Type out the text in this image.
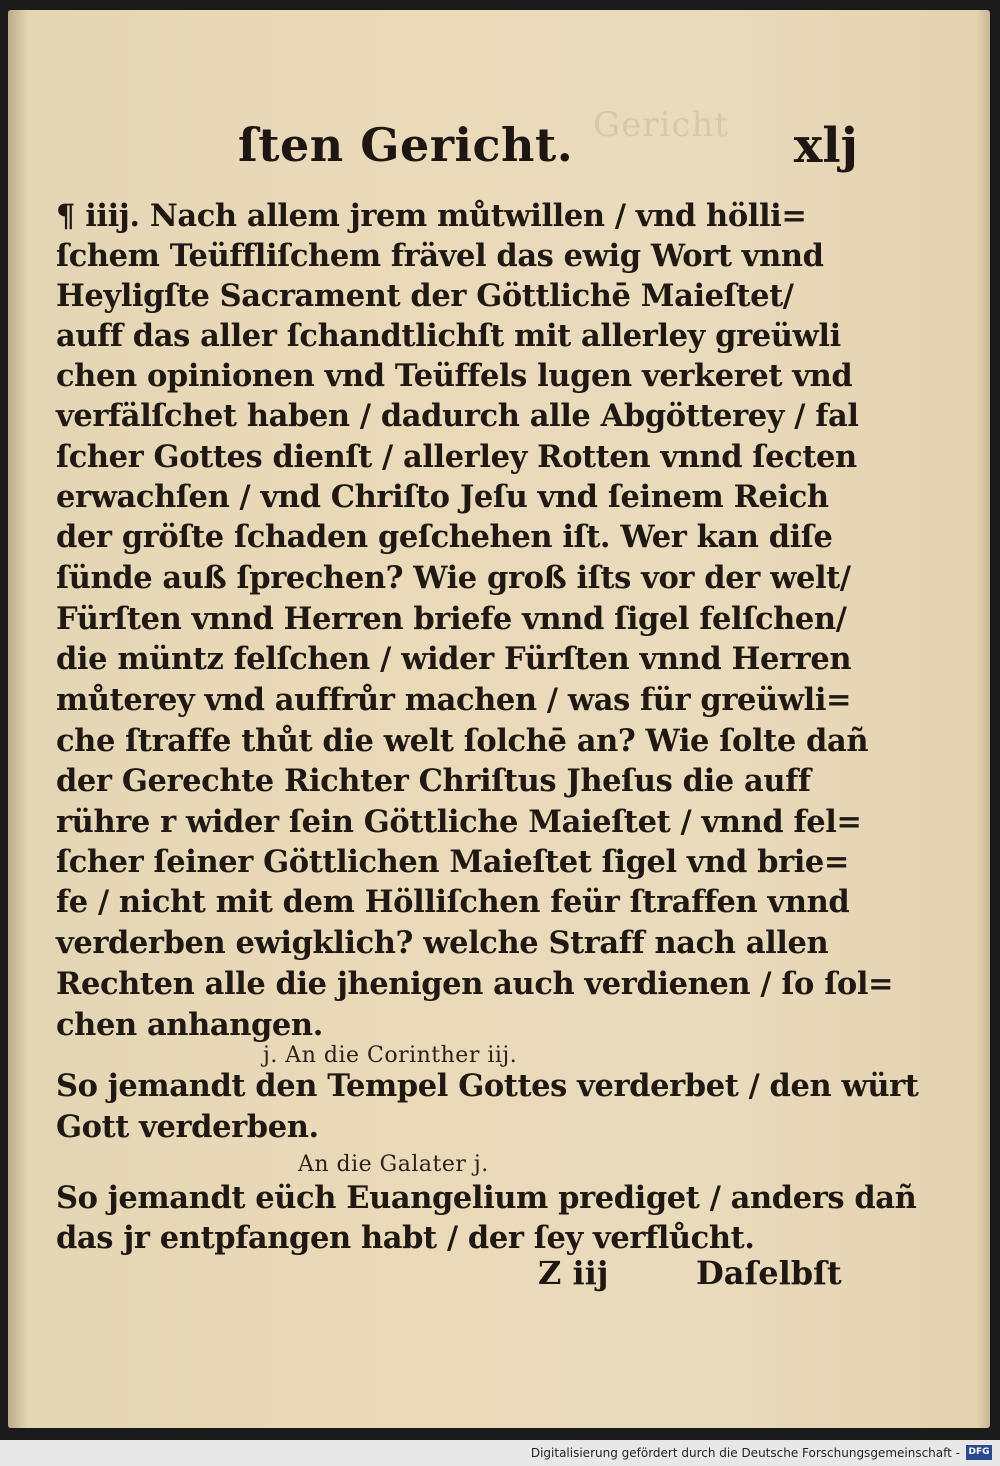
Gericht
ſten Gericht.	xlj
¶ iiij. Nach allem jrem můtwillen / vnd hölli=
ſchem Teüffliſchem frävel das ewig Wort vnnd
Heyligſte Sacrament der Göttlichē Maieſtet/
auff das aller ſchandtlichſt mit allerley greüwli
chen opinionen vnd Teüffels lugen verkeret vnd
verfälſchet haben / dadurch alle Abgötterey / fal
ſcher Gottes dienſt / allerley Rotten vnnd ſecten
erwachſen / vnd Chriſto Jeſu vnd ſeinem Reich
der gröſte ſchaden geſchehen iſt. Wer kan diſe
ſünde auß ſprechen? Wie groß iſts vor der welt/
Fürſten vnnd Herren briefe vnnd ſigel felſchen/
die müntz felſchen / wider Fürſten vnnd Herren
můterey vnd auffrůr machen / was für greüwli=
che ſtraffe thůt die welt ſolchē an? Wie ſolte dañ
der Gerechte Richter Chriſtus Jheſus die auff
rühre r wider ſein Göttliche Maieſtet / vnnd fel=
ſcher ſeiner Göttlichen Maieſtet ſigel vnd brie=
fe / nicht mit dem Hölliſchen feür ſtraffen vnnd
verderben ewigklich? welche Straff nach allen
Rechten alle die jhenigen auch verdienen / ſo ſol=
chen anhangen.
j. An die Corinther iij.
So jemandt den Tempel Gottes verderbet / den würt
Gott verderben.
An die Galater j.
So jemandt eüch Euangelium prediget / anders dañ
das jr entpfangen habt / der ſey verflůcht.
Z iij	Daſelbſt
Digitalisierung gefördert durch die Deutsche Forschungsgemeinschaft - DFG
